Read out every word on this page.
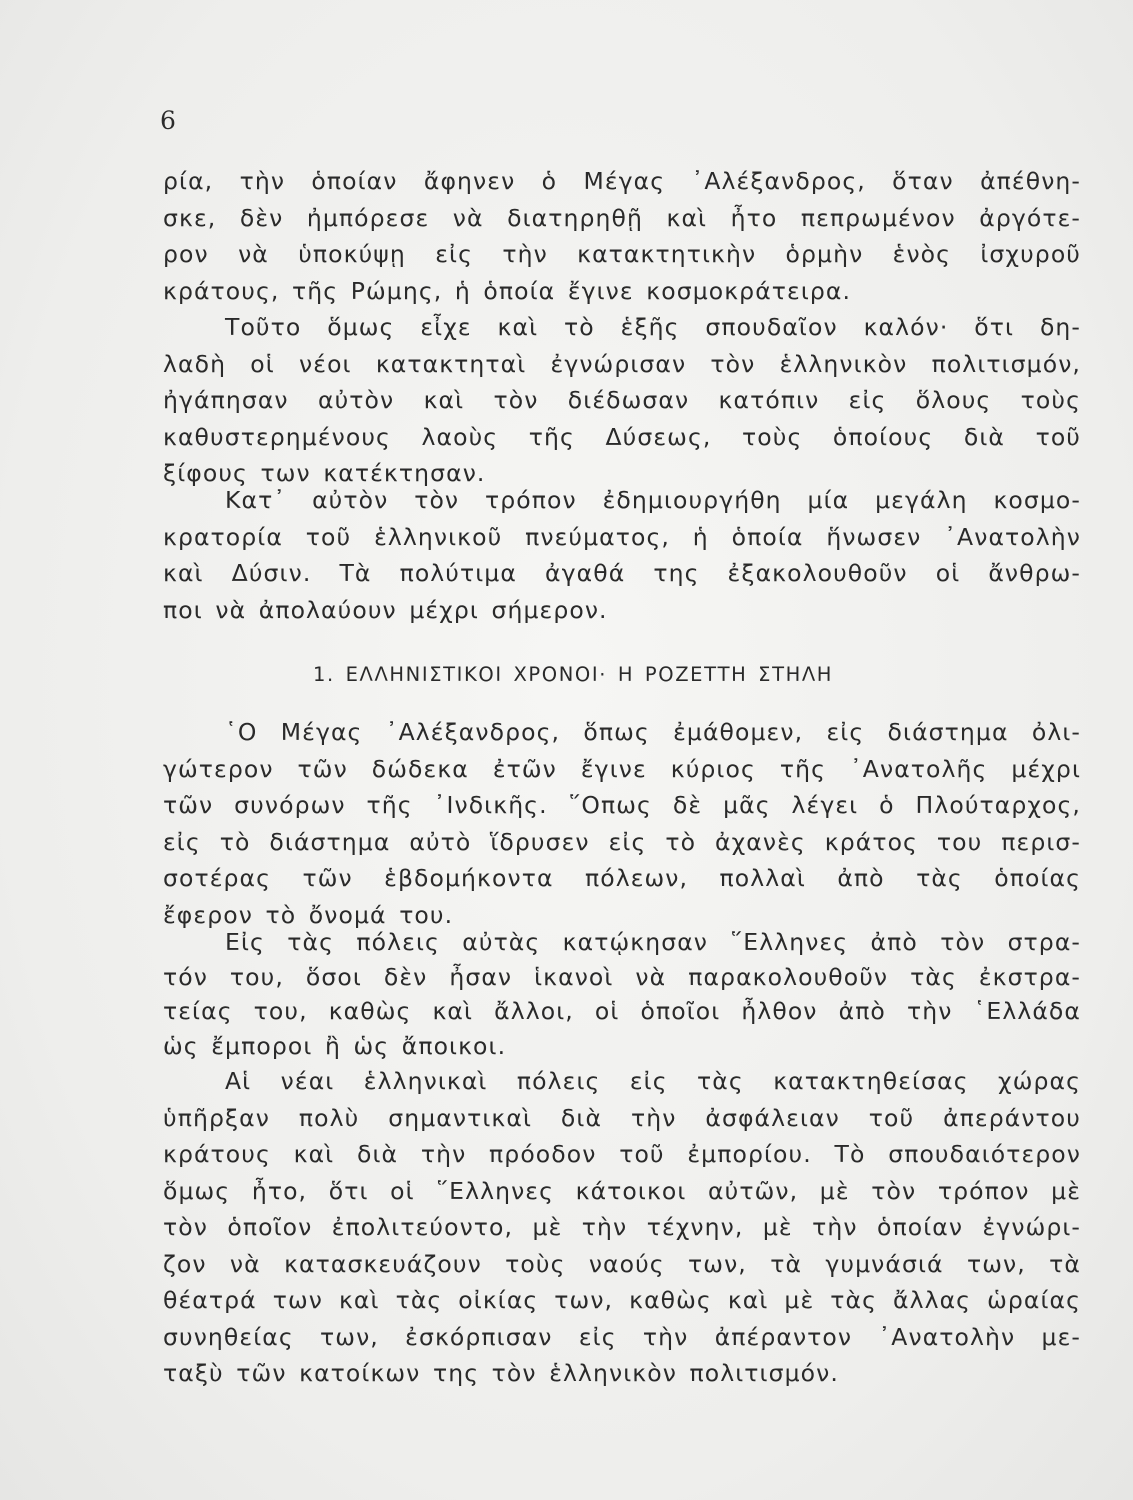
6
ρία, τὴν ὁποίαν ἄφηνεν ὁ Μέγας ᾿Αλέξανδρος, ὅταν ἀπέθνη-
σκε, δὲν ἠμπόρεσε νὰ διατηρηθῇ καὶ ἦτο πεπρωμένον ἀργότε-
ρον νὰ ὑποκύψῃ εἰς τὴν κατακτητικὴν ὁρμὴν ἑνὸς ἰσχυροῦ
κράτους, τῆς Ρώμης, ἡ ὁποία ἔγινε κοσμοκράτειρα.
Τοῦτο ὅμως εἶχε καὶ τὸ ἑξῆς σπουδαῖον καλόν· ὅτι δη-
λαδὴ οἱ νέοι κατακτηταὶ ἐγνώρισαν τὸν ἑλληνικὸν πολιτισμόν,
ἠγάπησαν αὐτὸν καὶ τὸν διέδωσαν κατόπιν εἰς ὅλους τοὺς
καθυστερημένους λαοὺς τῆς Δύσεως, τοὺς ὁποίους διὰ τοῦ
ξίφους των κατέκτησαν.
Κατ᾿ αὐτὸν τὸν τρόπον ἐδημιουργήθη μία μεγάλη κοσμο-
κρατορία τοῦ ἑλληνικοῦ πνεύματος, ἡ ὁποία ἥνωσεν ᾿Ανατολὴν
καὶ Δύσιν. Τὰ πολύτιμα ἀγαθά της ἐξακολουθοῦν οἱ ἄνθρω-
ποι νὰ ἀπολαύουν μέχρι σήμερον.
1. ΕΛΛΗΝΙΣΤΙΚΟΙ ΧΡΟΝΟΙ· Η ΡΟΖΕΤΤΗ ΣΤΗΛΗ
῾Ο Μέγας ᾿Αλέξανδρος, ὅπως ἐμάθομεν, εἰς διάστημα ὀλι-
γώτερον τῶν δώδεκα ἐτῶν ἔγινε κύριος τῆς ᾿Ανατολῆς μέχρι
τῶν συνόρων τῆς ᾿Ινδικῆς. ῞Οπως δὲ μᾶς λέγει ὁ Πλούταρχος,
εἰς τὸ διάστημα αὐτὸ ἵδρυσεν εἰς τὸ ἀχανὲς κράτος του περισ-
σοτέρας τῶν ἑβδομήκοντα πόλεων, πολλαὶ ἀπὸ τὰς ὁποίας
ἔφερον τὸ ὄνομά του.
Εἰς τὰς πόλεις αὐτὰς κατῴκησαν ῞Ελληνες ἀπὸ τὸν στρα-
τόν του, ὅσοι δὲν ἦσαν ἱκανοὶ νὰ παρακολουθοῦν τὰς ἐκστρα-
τείας του, καθὼς καὶ ἄλλοι, οἱ ὁποῖοι ἦλθον ἀπὸ τὴν ῾Ελλάδα
ὡς ἔμποροι ἢ ὡς ἄποικοι.
Αἱ νέαι ἑλληνικαὶ πόλεις εἰς τὰς κατακτηθείσας χώρας
ὑπῆρξαν πολὺ σημαντικαὶ διὰ τὴν ἀσφάλειαν τοῦ ἀπεράντου
κράτους καὶ διὰ τὴν πρόοδον τοῦ ἐμπορίου. Τὸ σπουδαιότερον
ὅμως ἦτο, ὅτι οἱ ῞Ελληνες κάτοικοι αὐτῶν, μὲ τὸν τρόπον μὲ
τὸν ὁποῖον ἐπολιτεύοντο, μὲ τὴν τέχνην, μὲ τὴν ὁποίαν ἐγνώρι-
ζον νὰ κατασκευάζουν τοὺς ναούς των, τὰ γυμνάσιά των, τὰ
θέατρά των καὶ τὰς οἰκίας των, καθὼς καὶ μὲ τὰς ἄλλας ὡραίας
συνηθείας των, ἐσκόρπισαν εἰς τὴν ἀπέραντον ᾿Ανατολὴν με-
ταξὺ τῶν κατοίκων της τὸν ἑλληνικὸν πολιτισμόν.
